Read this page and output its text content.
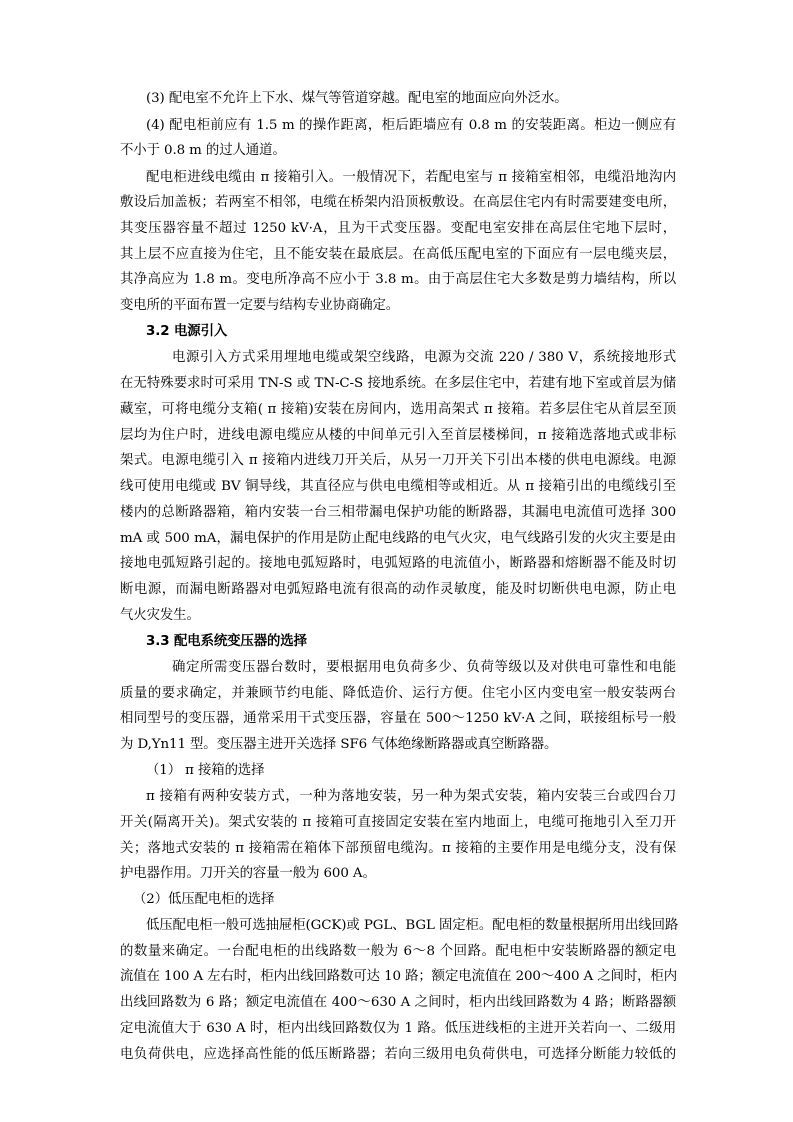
(3) 配电室不允许上下水、煤气等管道穿越。配电室的地面应向外泛水。
(4) 配电柜前应有 1.5 m 的操作距离，柜后距墙应有 0.8 m 的安装距离。柜边一侧应有
不小于 0.8 m 的过人通道。
配电柜进线电缆由 π 接箱引入。一般情况下，若配电室与 π 接箱室相邻，电缆沿地沟内
敷设后加盖板；若两室不相邻，电缆在桥架内沿顶板敷设。在高层住宅内有时需要建变电所，
其变压器容量不超过 1250 kV·A，且为干式变压器。变配电室安排在高层住宅地下层时，
其上层不应直接为住宅，且不能安装在最底层。在高低压配电室的下面应有一层电缆夹层，
其净高应为 1.8 m。变电所净高不应小于 3.8 m。由于高层住宅大多数是剪力墙结构，所以
变电所的平面布置一定要与结构专业协商确定。
3.2 电源引入
电源引入方式采用埋地电缆或架空线路，电源为交流 220 / 380 V，系统接地形式
在无特殊要求时可采用 TN-S 或 TN-C-S 接地系统。在多层住宅中，若建有地下室或首层为储
藏室，可将电缆分支箱( π 接箱)安装在房间内，选用高架式 π 接箱。若多层住宅从首层至顶
层均为住户时，进线电源电缆应从楼的中间单元引入至首层楼梯间，π 接箱选落地式或非标
架式。电源电缆引入 π 接箱内进线刀开关后，从另一刀开关下引出本楼的供电电源线。电源
线可使用电缆或 BV 铜导线，其直径应与供电电缆相等或相近。从 π 接箱引出的电缆线引至
楼内的总断路器箱，箱内安装一台三相带漏电保护功能的断路器，其漏电电流值可选择 300
mA 或 500 mA，漏电保护的作用是防止配电线路的电气火灾，电气线路引发的火灾主要是由
接地电弧短路引起的。接地电弧短路时，电弧短路的电流值小，断路器和熔断器不能及时切
断电源，而漏电断路器对电弧短路电流有很高的动作灵敏度，能及时切断供电电源，防止电
气火灾发生。
3.3 配电系统变压器的选择
确定所需变压器台数时，要根据用电负荷多少、负荷等级以及对供电可靠性和电能
质量的要求确定，并兼顾节约电能、降低造价、运行方便。住宅小区内变电室一般安装两台
相同型号的变压器，通常采用干式变压器，容量在 500～1250 kV·A 之间，联接组标号一般
为 D,Yn11 型。变压器主进开关选择 SF6 气体绝缘断路器或真空断路器。
（1） π 接箱的选择
π 接箱有两种安装方式，一种为落地安装，另一种为架式安装，箱内安装三台或四台刀
开关(隔离开关)。架式安装的 π 接箱可直接固定安装在室内地面上，电缆可拖地引入至刀开
关；落地式安装的 π 接箱需在箱体下部预留电缆沟。π 接箱的主要作用是电缆分支，没有保
护电器作用。刀开关的容量一般为 600 A。
（2）低压配电柜的选择
低压配电柜一般可选抽屉柜(GCK)或 PGL、BGL 固定柜。配电柜的数量根据所用出线回路
的数量来确定。一台配电柜的出线路数一般为 6～8 个回路。配电柜中安装断路器的额定电
流值在 100 A 左右时，柜内出线回路数可达 10 路；额定电流值在 200～400 A 之间时，柜内
出线回路数为 6 路；额定电流值在 400～630 A 之间时，柜内出线回路数为 4 路；断路器额
定电流值大于 630 A 时，柜内出线回路数仅为 1 路。低压进线柜的主进开关若向一、二级用
电负荷供电，应选择高性能的低压断路器；若向三级用电负荷供电，可选择分断能力较低的
